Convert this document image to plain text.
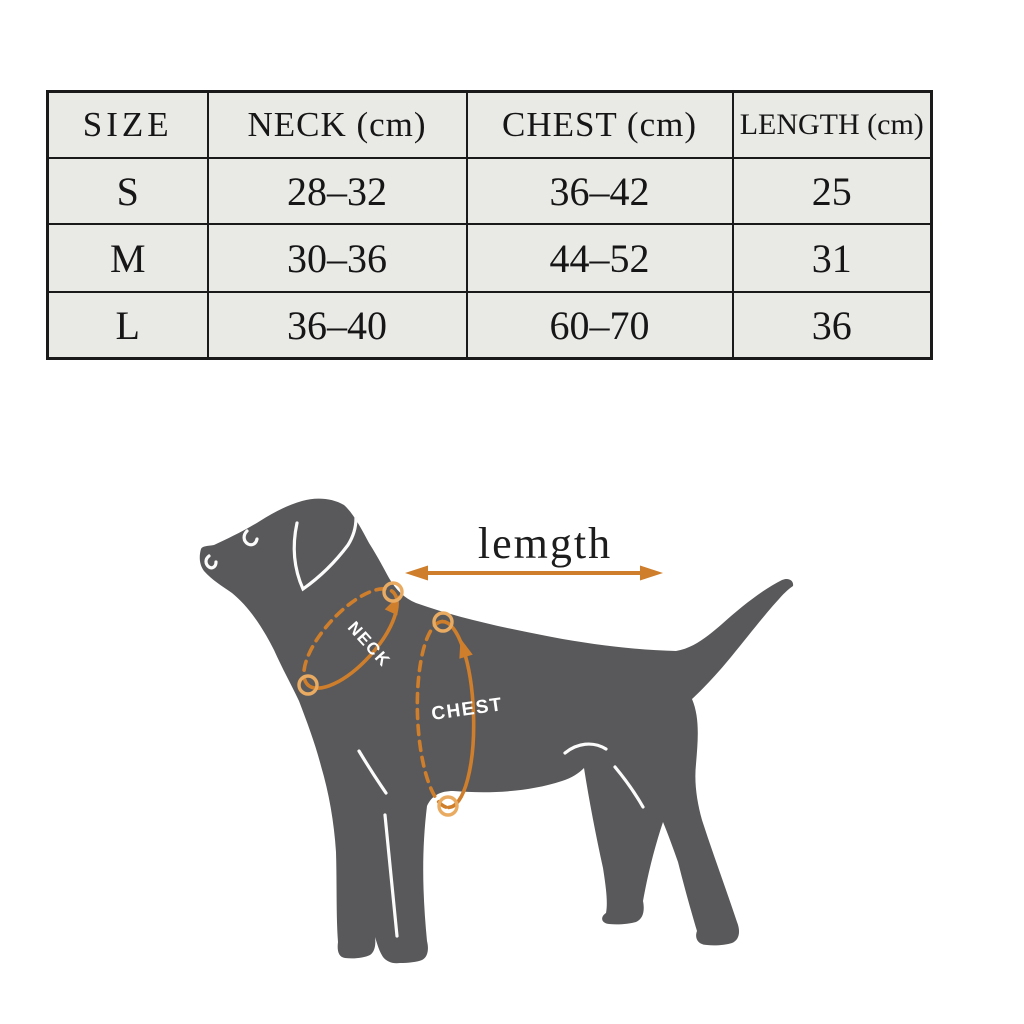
SIZE	NECK (cm)	CHEST (cm)	LENGTH (cm)
S	28–32	36–42	25
M	30–36	44–52	31
L	36–40	60–70	36
lemgth
NECK
CHEST
